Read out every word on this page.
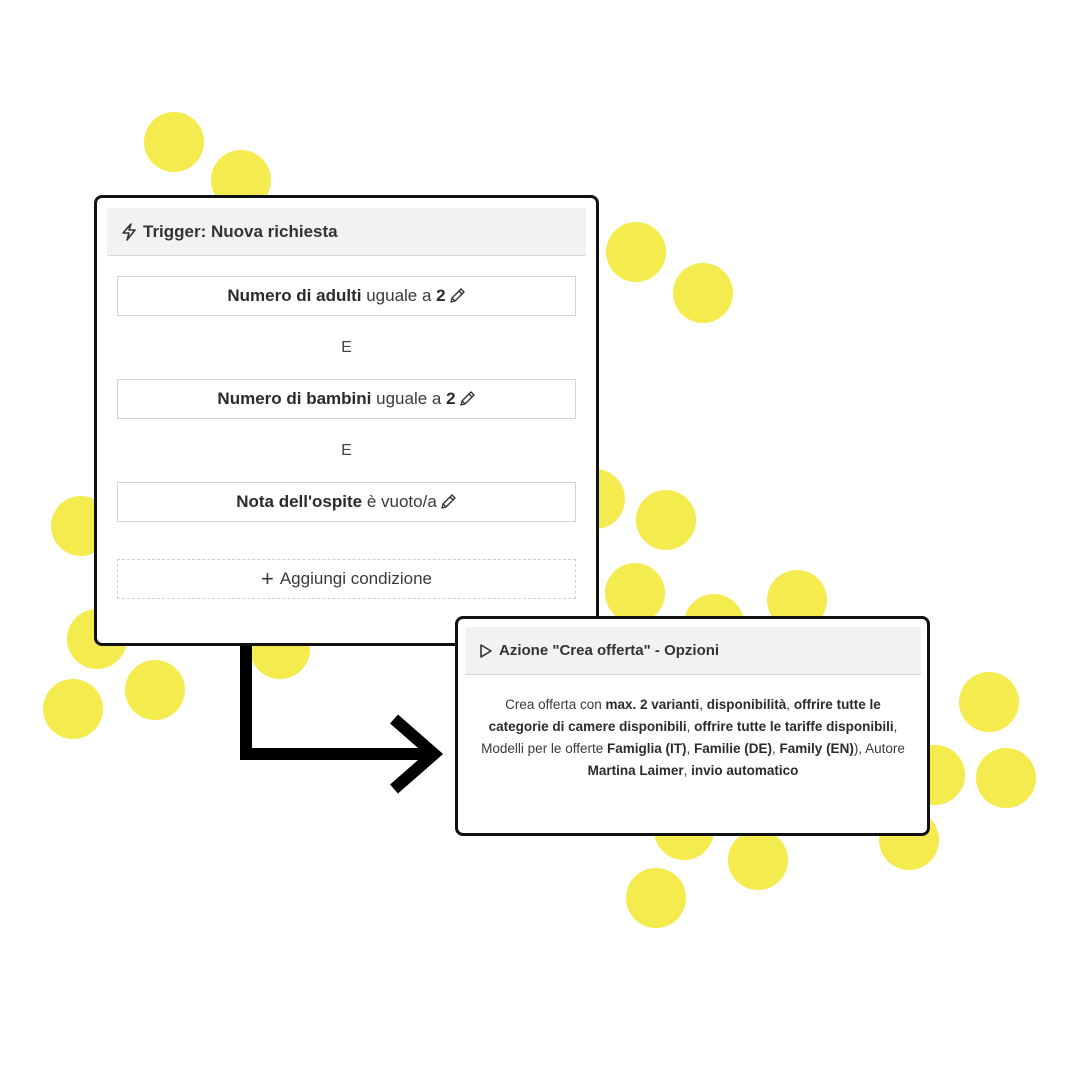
Trigger: Nuova richiesta
Numero di adulti uguale a 2
E
Numero di bambini uguale a 2
E
Nota dell'ospite è vuoto/a
+ Aggiungi condizione
Azione "Crea offerta" - Opzioni
Crea offerta con max. 2 varianti, disponibilità, offrire tutte le categorie di camere disponibili, offrire tutte le tariffe disponibili, Modelli per le offerte Famiglia (IT), Familie (DE), Family (EN)), Autore Martina Laimer, invio automatico
